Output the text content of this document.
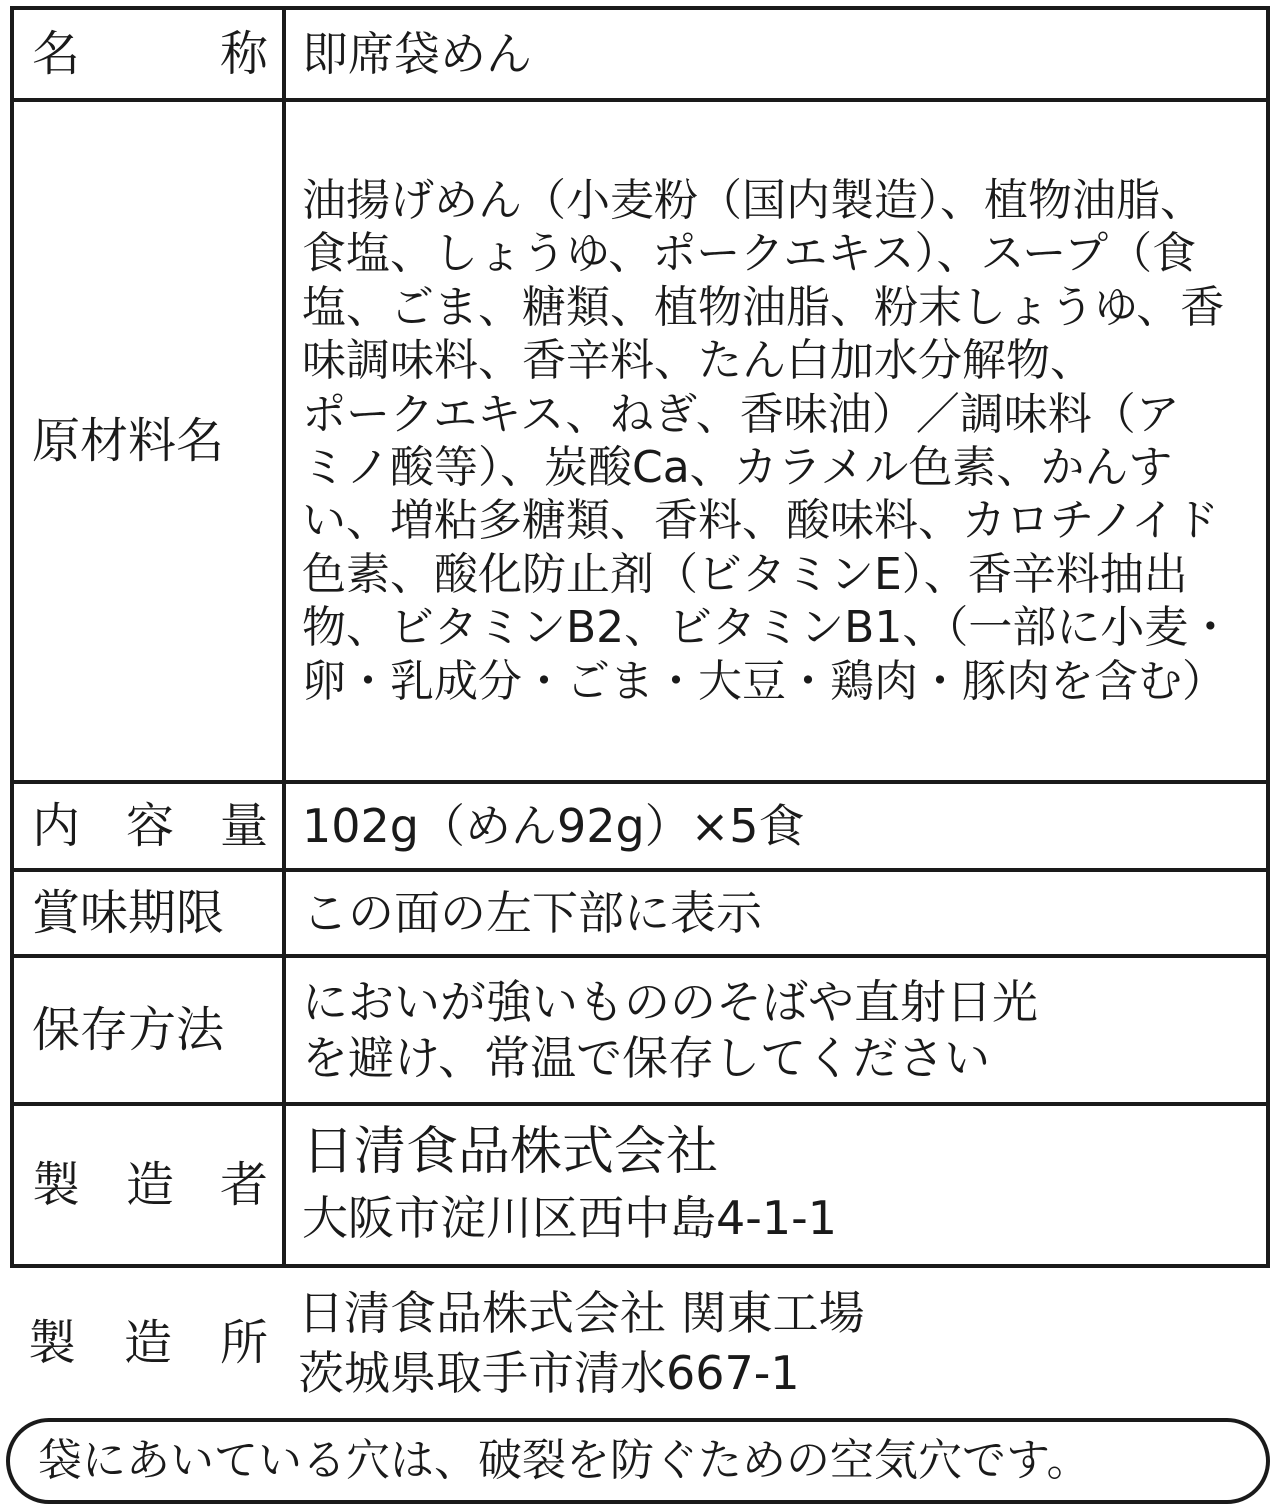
名　　称 即席袋めん
原材料名
油揚げめん（小麦粉（国内製造）、植物油脂、
食塩、しょうゆ、ポークエキス）、スープ（食
塩、ごま、糖類、植物油脂、粉末しょうゆ、香
味調味料、香辛料、たん白加水分解物、
ポークエキス、ねぎ、香味油）／調味料（ア
ミノ酸等）、炭酸Ca、カラメル色素、かんす
い、増粘多糖類、香料、酸味料、カロチノイド
色素、酸化防止剤（ビタミンE）、香辛料抽出
物、ビタミンB2、ビタミンB1、（一部に小麦・
卵・乳成分・ごま・大豆・鶏肉・豚肉を含む）
内容量 102g（めん92g）×5食
賞味期限	この面の左下部に表示
保存方法	においが強いもののそばや直射日光
を避け、常温で保存してください
製造者
日清食品株式会社
大阪市淀川区西中島4-1-1
製造所
日清食品株式会社 関東工場
茨城県取手市清水667-1
袋にあいている穴は、破裂を防ぐための空気穴です。
